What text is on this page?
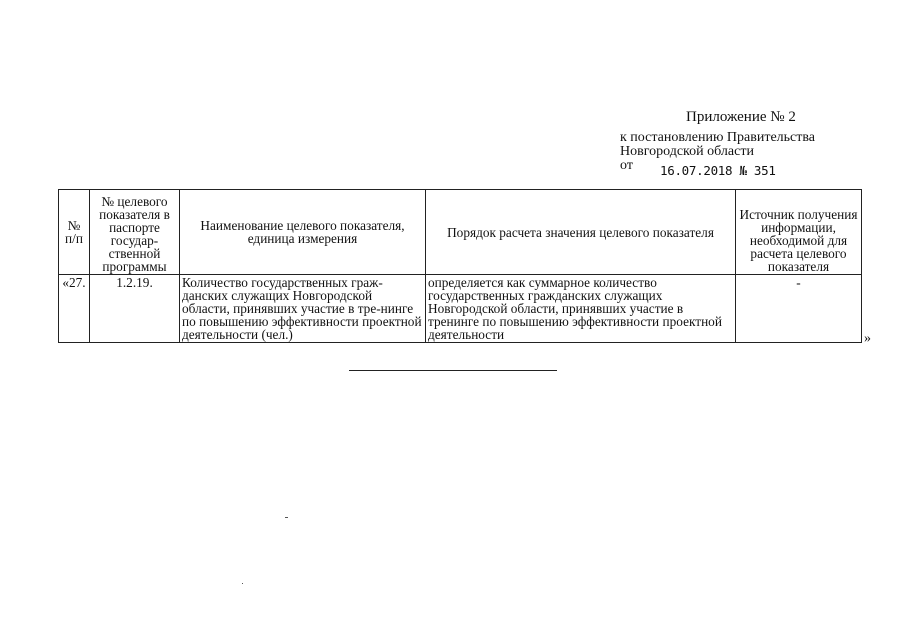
Приложение № 2
к постановлению Правительства
Новгородской области
от 16.07.2018 № 351
№ п/п	№ целевого показателя в паспорте государ-ственной программы	Наименование целевого показателя, единица измерения	Порядок расчета значения целевого показателя	Источник получения информации, необходимой для расчета целевого показателя
«27.	1.2.19.	Количество государственных граж-данских служащих Новгородской области, принявших участие в тре-нинге по повышению эффективности проектной деятельности (чел.)	определяется как суммарное количество государственных гражданских служащих Новгородской области, принявших участие в тренинге по повышению эффективности проектной деятельности	-
»
